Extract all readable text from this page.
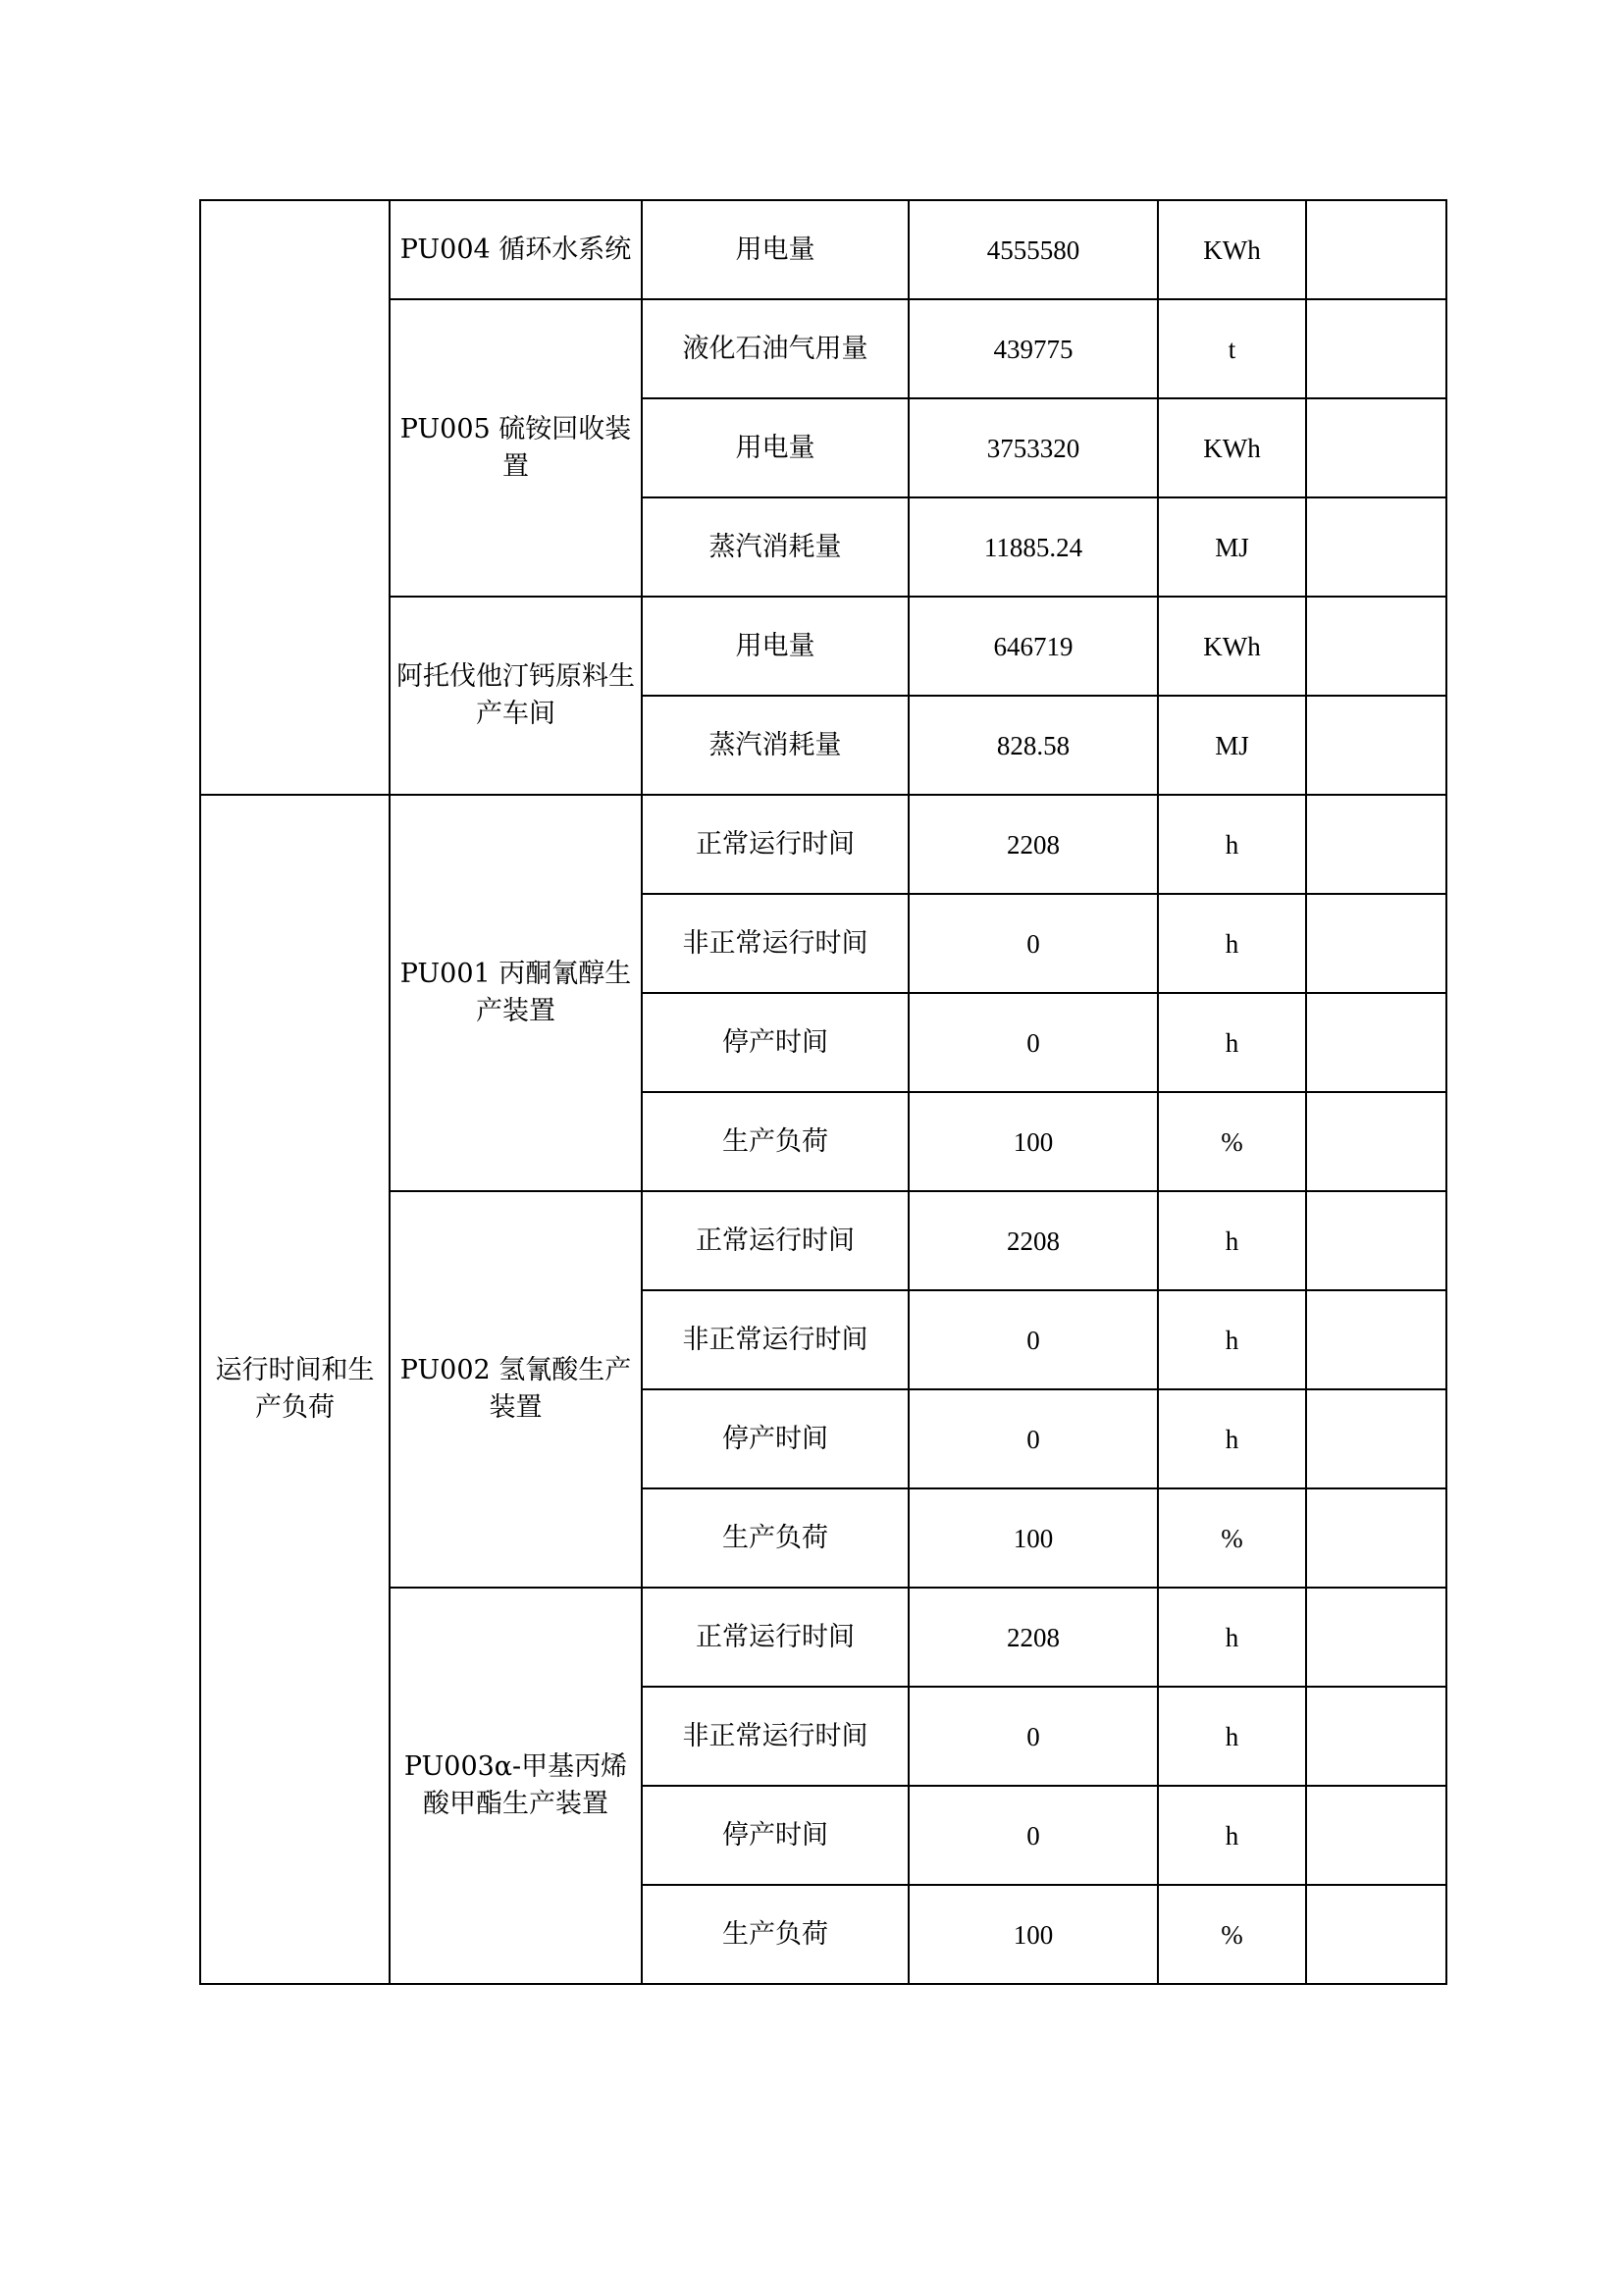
	PU004 循环水系统	用电量	4555580	KWh	
	PU005 硫铵回收装置	液化石油气用量	439775	t	
		用电量	3753320	KWh	
		蒸汽消耗量	11885.24	MJ	
	阿托伐他汀钙原料生产车间	用电量	646719	KWh	
		蒸汽消耗量	828.58	MJ	
运行时间和生产负荷	PU001 丙酮氰醇生产装置	正常运行时间	2208	h	
		非正常运行时间	0	h	
		停产时间	0	h	
		生产负荷	100	%	
	PU002 氢氰酸生产装置	正常运行时间	2208	h	
		非正常运行时间	0	h	
		停产时间	0	h	
		生产负荷	100	%	
	PU003α-甲基丙烯酸甲酯生产装置	正常运行时间	2208	h	
		非正常运行时间	0	h	
		停产时间	0	h	
		生产负荷	100	%	
